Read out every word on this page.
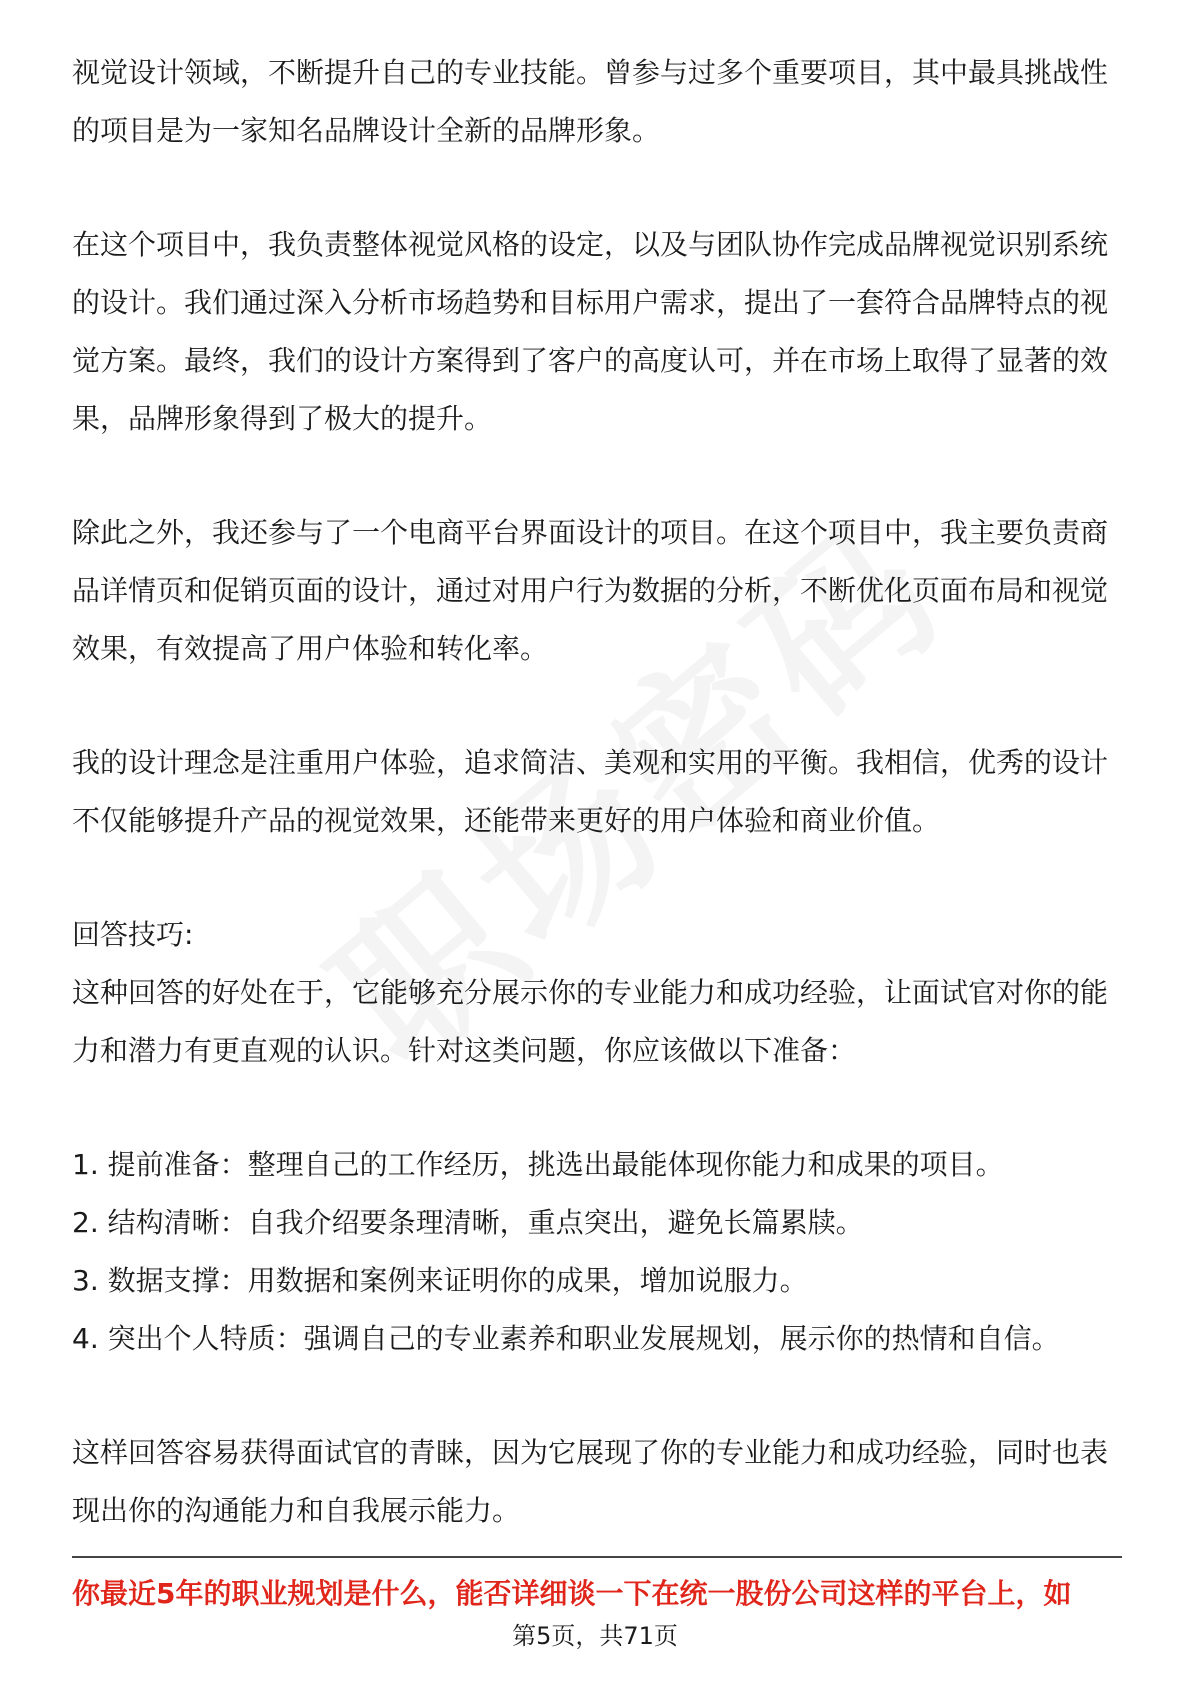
视觉设计领域，不断提升自己的专业技能。曾参与过多个重要项目，其中最具挑战性的项目是为一家知名品牌设计全新的品牌形象。

在这个项目中，我负责整体视觉风格的设定，以及与团队协作完成品牌视觉识别系统的设计。我们通过深入分析市场趋势和目标用户需求，提出了一套符合品牌特点的视觉方案。最终，我们的设计方案得到了客户的高度认可，并在市场上取得了显著的效果，品牌形象得到了极大的提升。

除此之外，我还参与了一个电商平台界面设计的项目。在这个项目中，我主要负责商品详情页和促销页面的设计，通过对用户行为数据的分析，不断优化页面布局和视觉效果，有效提高了用户体验和转化率。

我的设计理念是注重用户体验，追求简洁、美观和实用的平衡。我相信，优秀的设计不仅能够提升产品的视觉效果，还能带来更好的用户体验和商业价值。

回答技巧:

这种回答的好处在于，它能够充分展示你的专业能力和成功经验，让面试官对你的能力和潜力有更直观的认识。针对这类问题，你应该做以下准备：

1. 提前准备：整理自己的工作经历，挑选出最能体现你能力和成果的项目。
2. 结构清晰：自我介绍要条理清晰，重点突出，避免长篇累牍。
3. 数据支撑：用数据和案例来证明你的成果，增加说服力。
4. 突出个人特质：强调自己的专业素养和职业发展规划，展示你的热情和自信。

这样回答容易获得面试官的青睐，因为它展现了你的专业能力和成功经验，同时也表现出你的沟通能力和自我展示能力。

你最近5年的职业规划是什么，能否详细谈一下在统一股份公司这样的平台上，如
第5页，共71页
